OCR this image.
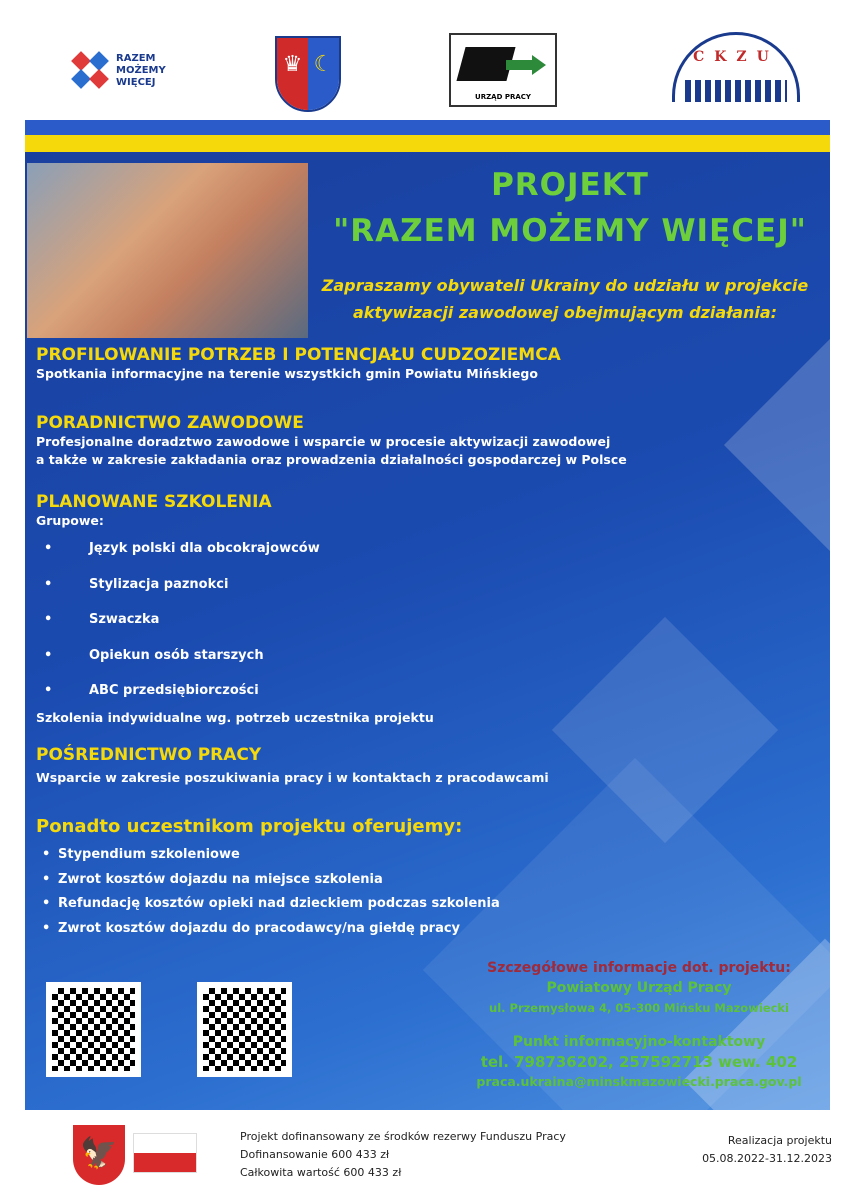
RAZEM
MOŻEMY
WIĘCEJ
♛ ☾
URZĄD PRACY
CKZU
PROJEKT
"RAZEM MOŻEMY WIĘCEJ"
Zapraszamy obywateli Ukrainy do udziału w projekcie
aktywizacji zawodowej obejmującym działania:
PROFILOWANIE POTRZEB I POTENCJAŁU CUDZOZIEMCA
Spotkania informacyjne na terenie wszystkich gmin Powiatu Mińskiego
PORADNICTWO ZAWODOWE
Profesjonalne doradztwo zawodowe i wsparcie w procesie aktywizacji zawodowej
a także w zakresie zakładania oraz prowadzenia działalności gospodarczej w Polsce
PLANOWANE SZKOLENIA
Grupowe:
•	Język polski dla obcokrajowców
•	Stylizacja paznokci
•	Szwaczka
•	Opiekun osób starszych
•	ABC przedsiębiorczości
Szkolenia indywidualne wg. potrzeb uczestnika projektu
POŚREDNICTWO PRACY
Wsparcie w zakresie poszukiwania pracy i w kontaktach z pracodawcami
Ponadto uczestnikom projektu oferujemy:
• Stypendium szkoleniowe
• Zwrot kosztów dojazdu na miejsce szkolenia
• Refundację kosztów opieki nad dzieckiem podczas szkolenia
• Zwrot kosztów dojazdu do pracodawcy/na giełdę pracy
Szczegółowe informacje dot. projektu:
Powiatowy Urząd Pracy
ul. Przemysłowa 4, 05-300 Mińsku Mazowiecki
Punkt informacyjno-kontaktowy
tel. 798736202, 257592713 wew. 402
praca.ukraina@minskmazowiecki.praca.gov.pl
🦅	Projekt dofinansowany ze środków rezerwy Funduszu Pracy
Dofinansowanie 600 433 zł
Całkowita wartość 600 433 zł
Realizacja projektu
05.08.2022-31.12.2023
